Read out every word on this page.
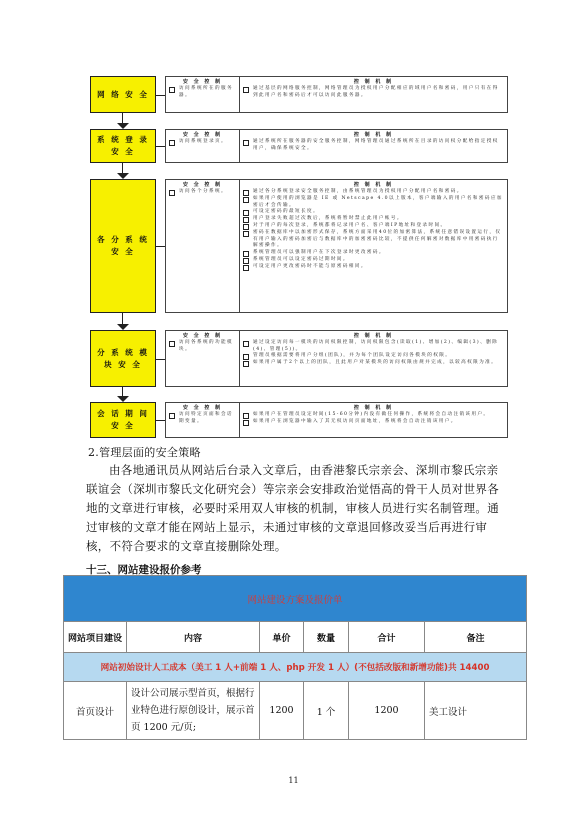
网 络 安 全
安 全 控 制
访问系统所在的服务器。
控 制 机 制
通过基层的网络服务控制，网络管理员为授权用户分配相应的域用户名和密码，用户只有在得到此用户名和密码后才可以访问此服务器。
系 统 登 录 安 全
安 全 控 制
访问系统登录页。
控 制 机 制
通过系统所在服务器的安全服务控制，网络管理员通过系统所在目录的访问权分配给指定授权用户，确保系统安全。
各 分 系 统 安 全
安 全 控 制
访问各个分系统。
控 制 机 制
通过各分系统登录安全服务控制，由系统管理员为授权用户分配用户名和密码。
如果用户使用的浏览器是 IE 或 Netscape 4.0以上版本，客户端输入的用户名和密码应加密后才会传输。
可设定密码的最短长度。
用户登录失败超过次数后，系统将暂时禁止此用户帐号。
对于用户的每次登录，系统都将记录用户名、客户端IP地址和登录时间。
密码在数据库中以加密形式保存，系统方面采用40位的加密算法，系统任意错误设置运行，仅有用户输入的密码加密后与数据库中的加密密码比较，不提供任何解密对数据库中用密码执行解密操作。
系统管理员可以强制用户在下次登录时更改密码。
系统管理员可以设定密码过期时间。
可设定用户更改密码时不能与原密码相同。
分 系 统 模 块 安 全
安 全 控 制
访问各系统的功能模块。
控 制 机 制
通过设定访问每一模块的访问权限控制，访问权限包含(读取(1)、增加(2)、编辑(3)、删除(4)、管理(5))。
管理员根据需要将用户分组(团队)，并为每个团队设定访问各模块的权限。
如果用户属于2个以上的团队，且此用户对某模块的访问权限由规并完成，以较高权限为准。
会 话 期 间 安 全
安 全 控 制
访问特定页面和会话期变量。
控 制 机 制
如果用户在管理员设定时间(15-60分钟)内没有做任何操作，系统将会自动注销该用户。
如果用户在浏览器中输入了其无权访问页面地址，系统将会自动注销该用户。
2.管理层面的安全策略
由各地通讯员从网站后台录入文章后，由香港黎氏宗亲会、深圳市黎氏宗亲联谊会（深圳市黎氏文化研究会）等宗亲会安排政治觉悟高的骨干人员对世界各地的文章进行审核，必要时采用双人审核的机制，审核人员进行实名制管理。通过审核的文章才能在网站上显示，未通过审核的文章退回修改妥当后再进行审核，不符合要求的文章直接删除处理。
十三、网站建设报价参考
网站建设方案及报价单					
网站项目建设	内容	单价	数量	合计	备注
网站初始设计人工成本（美工 1 人+前端 1 人、php 开发 1 人）(不包括改版和新增功能)共 14400					
首页设计	设计公司展示型首页，根据行业特色进行原创设计，展示首页 1200 元/页;	1200	1 个	1200	美工设计
11
